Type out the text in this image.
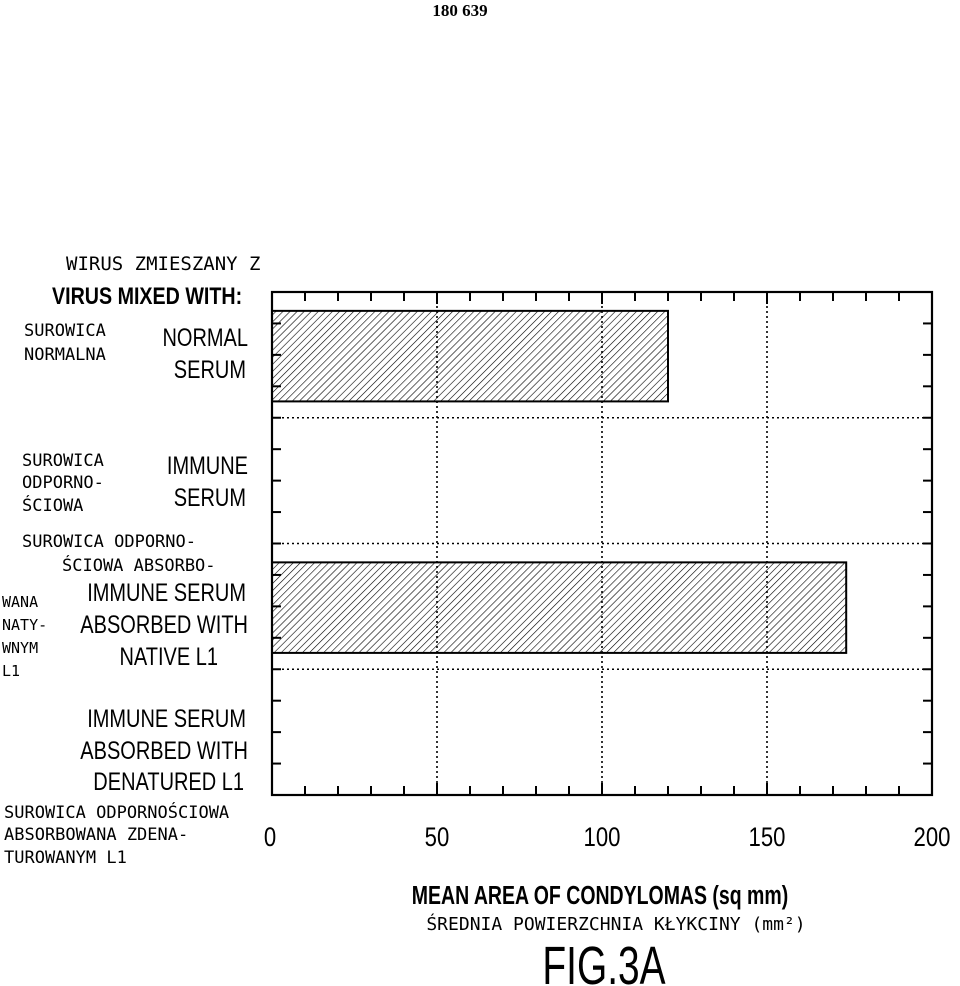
180 639
WIRUS ZMIESZANY Z
VIRUS MIXED WITH:
SUROWICA
NORMALNA
NORMAL
SERUM
SUROWICA
ODPORNO-
ŚCIOWA
IMMUNE
SERUM
SUROWICA ODPORNO-
ŚCIOWA ABSORBO-
WANA
NATY-
WNYM
L1
IMMUNE SERUM
ABSORBED WITH
NATIVE L1
IMMUNE SERUM
ABSORBED WITH
DENATURED L1
SUROWICA ODPORNOŚCIOWA
ABSORBOWANA ZDENA-
TUROWANYM L1
0	50	100	150	200
MEAN AREA OF CONDYLOMAS (sq mm)
ŚREDNIA POWIERZCHNIA KŁYKCINY (mm²)
FIG.3A
